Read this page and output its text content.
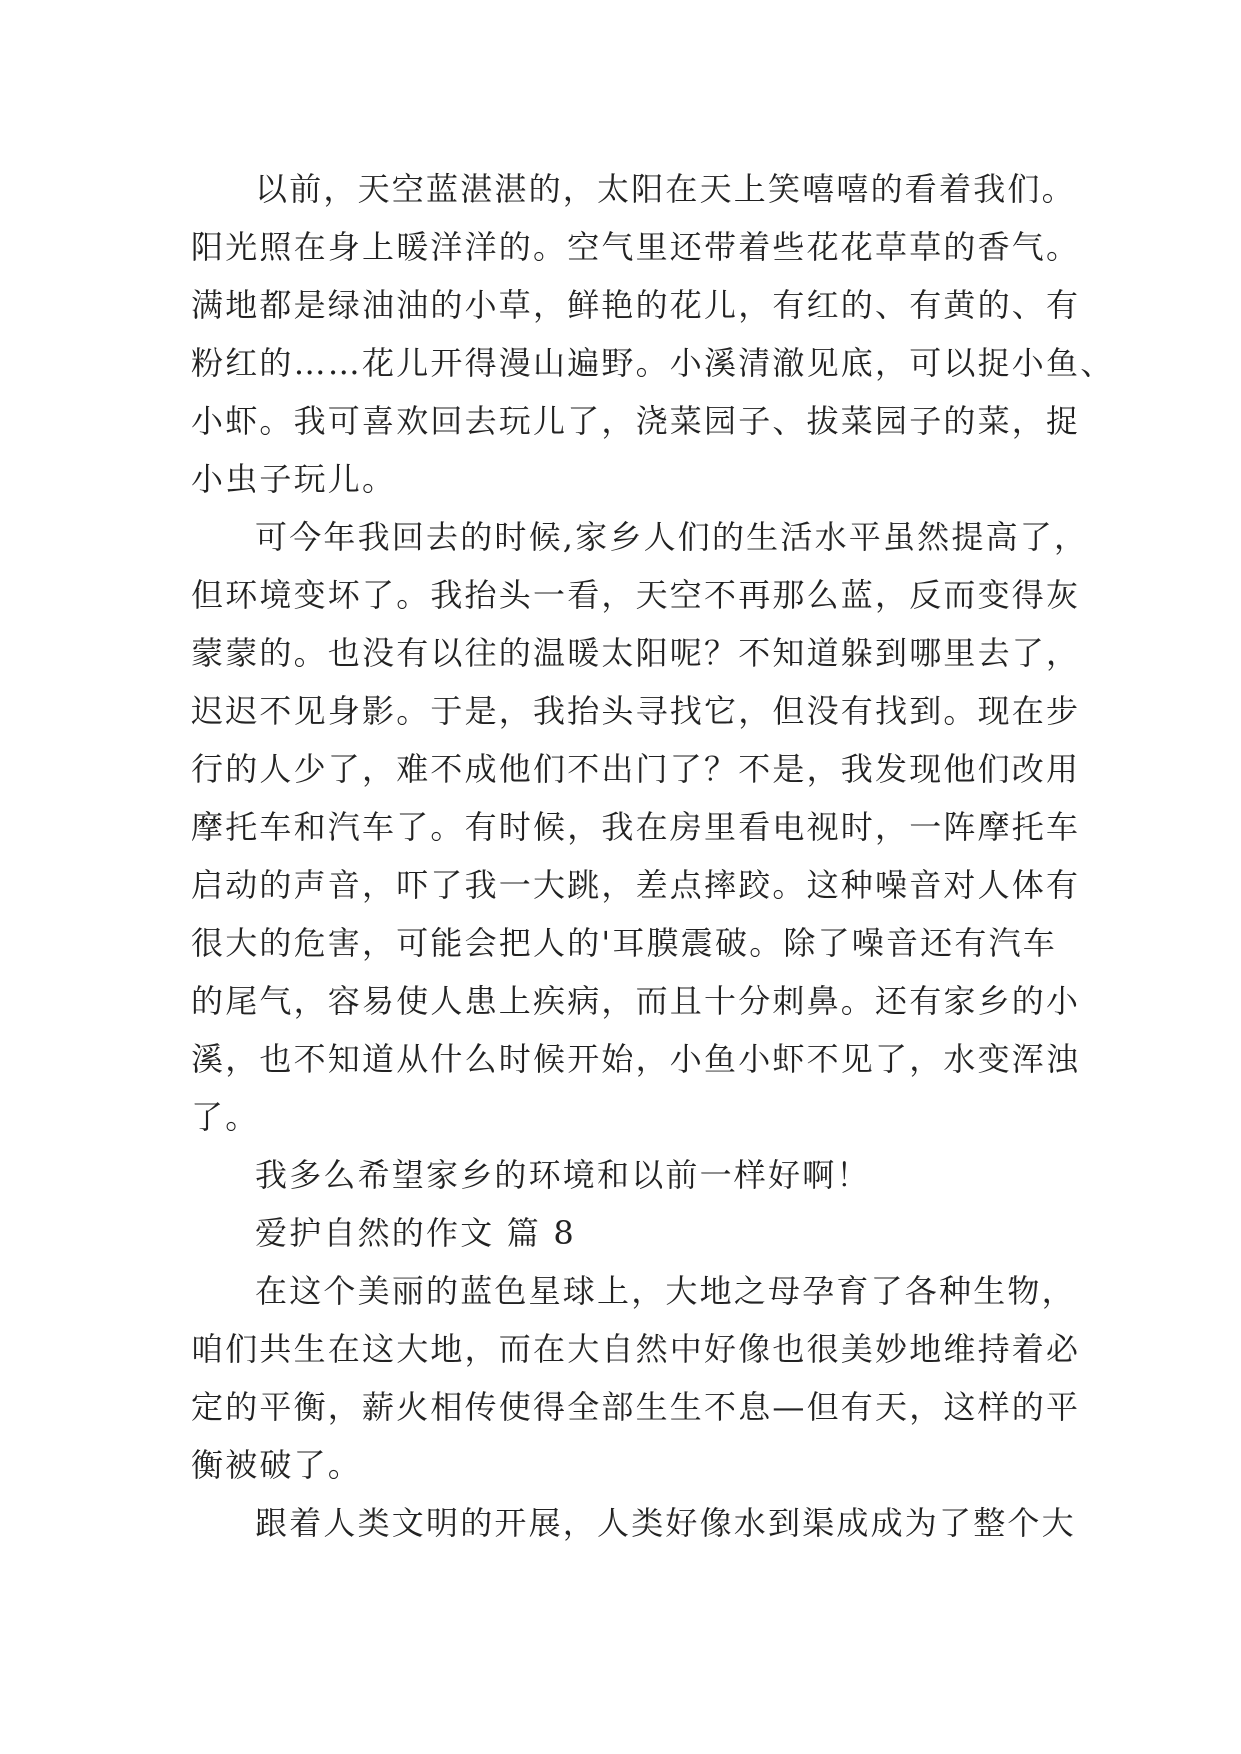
以前，天空蓝湛湛的，太阳在天上笑嘻嘻的看着我们。
阳光照在身上暖洋洋的。空气里还带着些花花草草的香气。
满地都是绿油油的小草，鲜艳的花儿，有红的、有黄的、有
粉红的……花儿开得漫山遍野。小溪清澈见底，可以捉小鱼、
小虾。我可喜欢回去玩儿了，浇菜园子、拔菜园子的菜，捉
小虫子玩儿。
可今年我回去的时候,家乡人们的生活水平虽然提高了，
但环境变坏了。我抬头一看，天空不再那么蓝，反而变得灰
蒙蒙的。也没有以往的温暖太阳呢？不知道躲到哪里去了，
迟迟不见身影。于是，我抬头寻找它，但没有找到。现在步
行的人少了，难不成他们不出门了？不是，我发现他们改用
摩托车和汽车了。有时候，我在房里看电视时，一阵摩托车
启动的声音，吓了我一大跳，差点摔跤。这种噪音对人体有
很大的危害，可能会把人的'耳膜震破。除了噪音还有汽车
的尾气，容易使人患上疾病，而且十分刺鼻。还有家乡的小
溪，也不知道从什么时候开始，小鱼小虾不见了，水变浑浊
了。
我多么希望家乡的环境和以前一样好啊！
爱护自然的作文 篇 8
在这个美丽的蓝色星球上，大地之母孕育了各种生物，
咱们共生在这大地，而在大自然中好像也很美妙地维持着必
定的平衡，薪火相传使得全部生生不息—但有天，这样的平
衡被破了。
跟着人类文明的开展，人类好像水到渠成成为了整个大
